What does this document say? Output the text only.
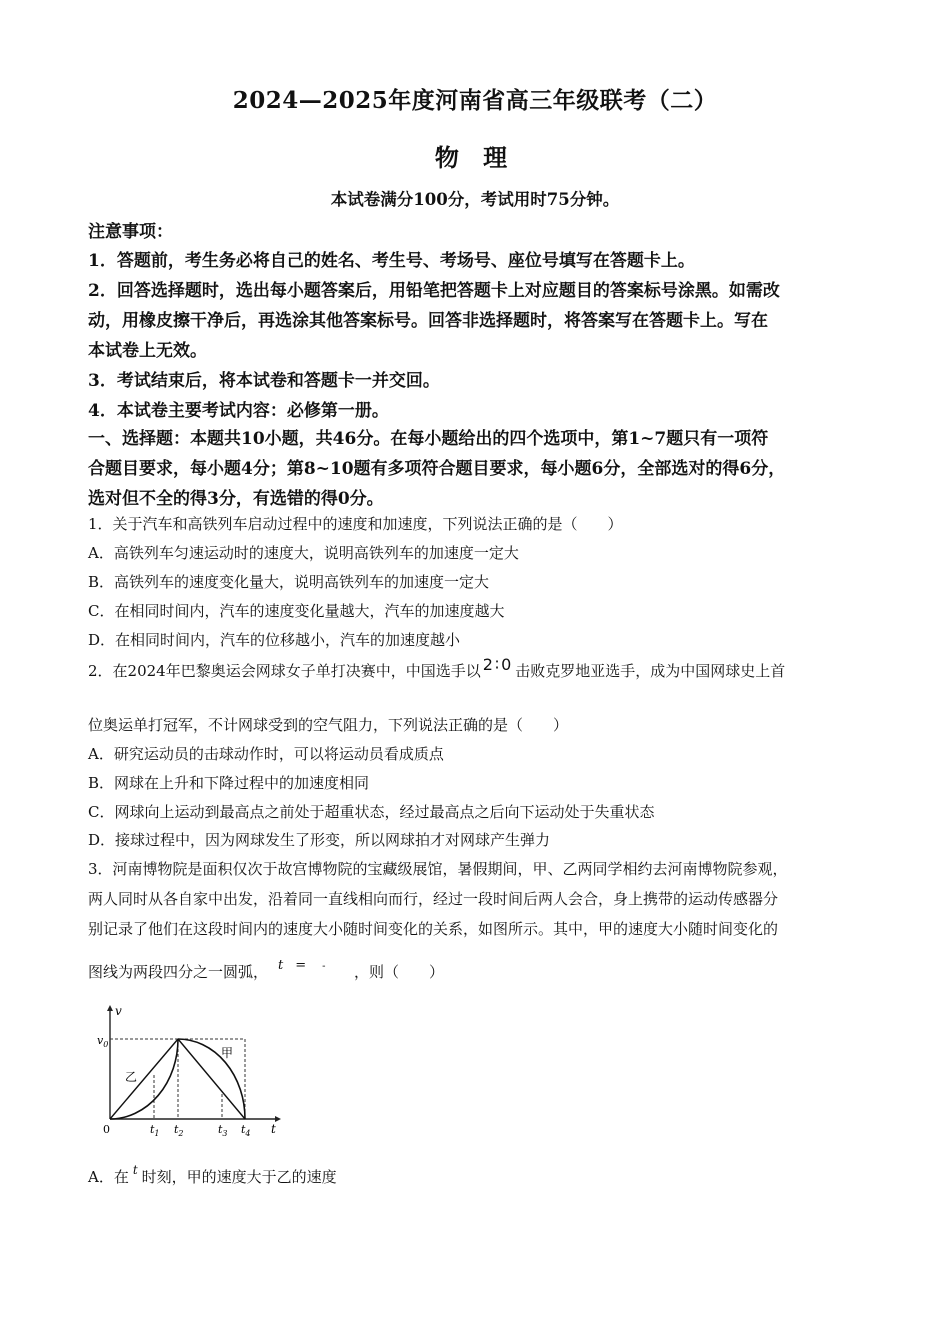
2024—2025年度河南省高三年级联考（二）
物 理
本试卷满分100分，考试用时75分钟。
注意事项：
1．答题前，考生务必将自己的姓名、考生号、考场号、座位号填写在答题卡上。
2．回答选择题时，选出每小题答案后，用铅笔把答题卡上对应题目的答案标号涂黑。如需改
动，用橡皮擦干净后，再选涂其他答案标号。回答非选择题时，将答案写在答题卡上。写在
本试卷上无效。
3．考试结束后，将本试卷和答题卡一并交回。
4．本试卷主要考试内容：必修第一册。
一、选择题：本题共10小题，共46分。在每小题给出的四个选项中，第1~7题只有一项符
合题目要求，每小题4分；第8~10题有多项符合题目要求，每小题6分，全部选对的得6分，
选对但不全的得3分，有选错的得0分。
1．关于汽车和高铁列车启动过程中的速度和加速度，下列说法正确的是（　　）
A．高铁列车匀速运动时的速度大，说明高铁列车的加速度一定大
B．高铁列车的速度变化量大，说明高铁列车的加速度一定大
C．在相同时间内，汽车的速度变化量越大，汽车的加速度越大
D．在相同时间内，汽车的位移越小，汽车的加速度越小
2．在2024年巴黎奥运会网球女子单打决赛中，中国选手以 2∶0 击败克罗地亚选手，成为中国网球史上首
位奥运单打冠军，不计网球受到的空气阻力，下列说法正确的是（　　）
A．研究运动员的击球动作时，可以将运动员看成质点
B．网球在上升和下降过程中的加速度相同
C．网球向上运动到最高点之前处于超重状态，经过最高点之后向下运动处于失重状态
D．接球过程中，因为网球发生了形变，所以网球拍才对网球产生弹力
3．河南博物院是面积仅次于故宫博物院的宝藏级展馆，暑假期间，甲、乙两同学相约去河南博物院参观，
两人同时从各自家中出发，沿着同一直线相向而行，经过一段时间后两人会合，身上携带的运动传感器分
别记录了他们在这段时间内的速度大小随时间变化的关系，如图所示。其中，甲的速度大小随时间变化的
图线为两段四分之一圆弧， t = - ，则（　　）
v
$v_0$
甲
乙
0	t
$t_1$ $t_2$	$t_3$ $t_4$
A．在 t 时刻，甲的速度大于乙的速度
